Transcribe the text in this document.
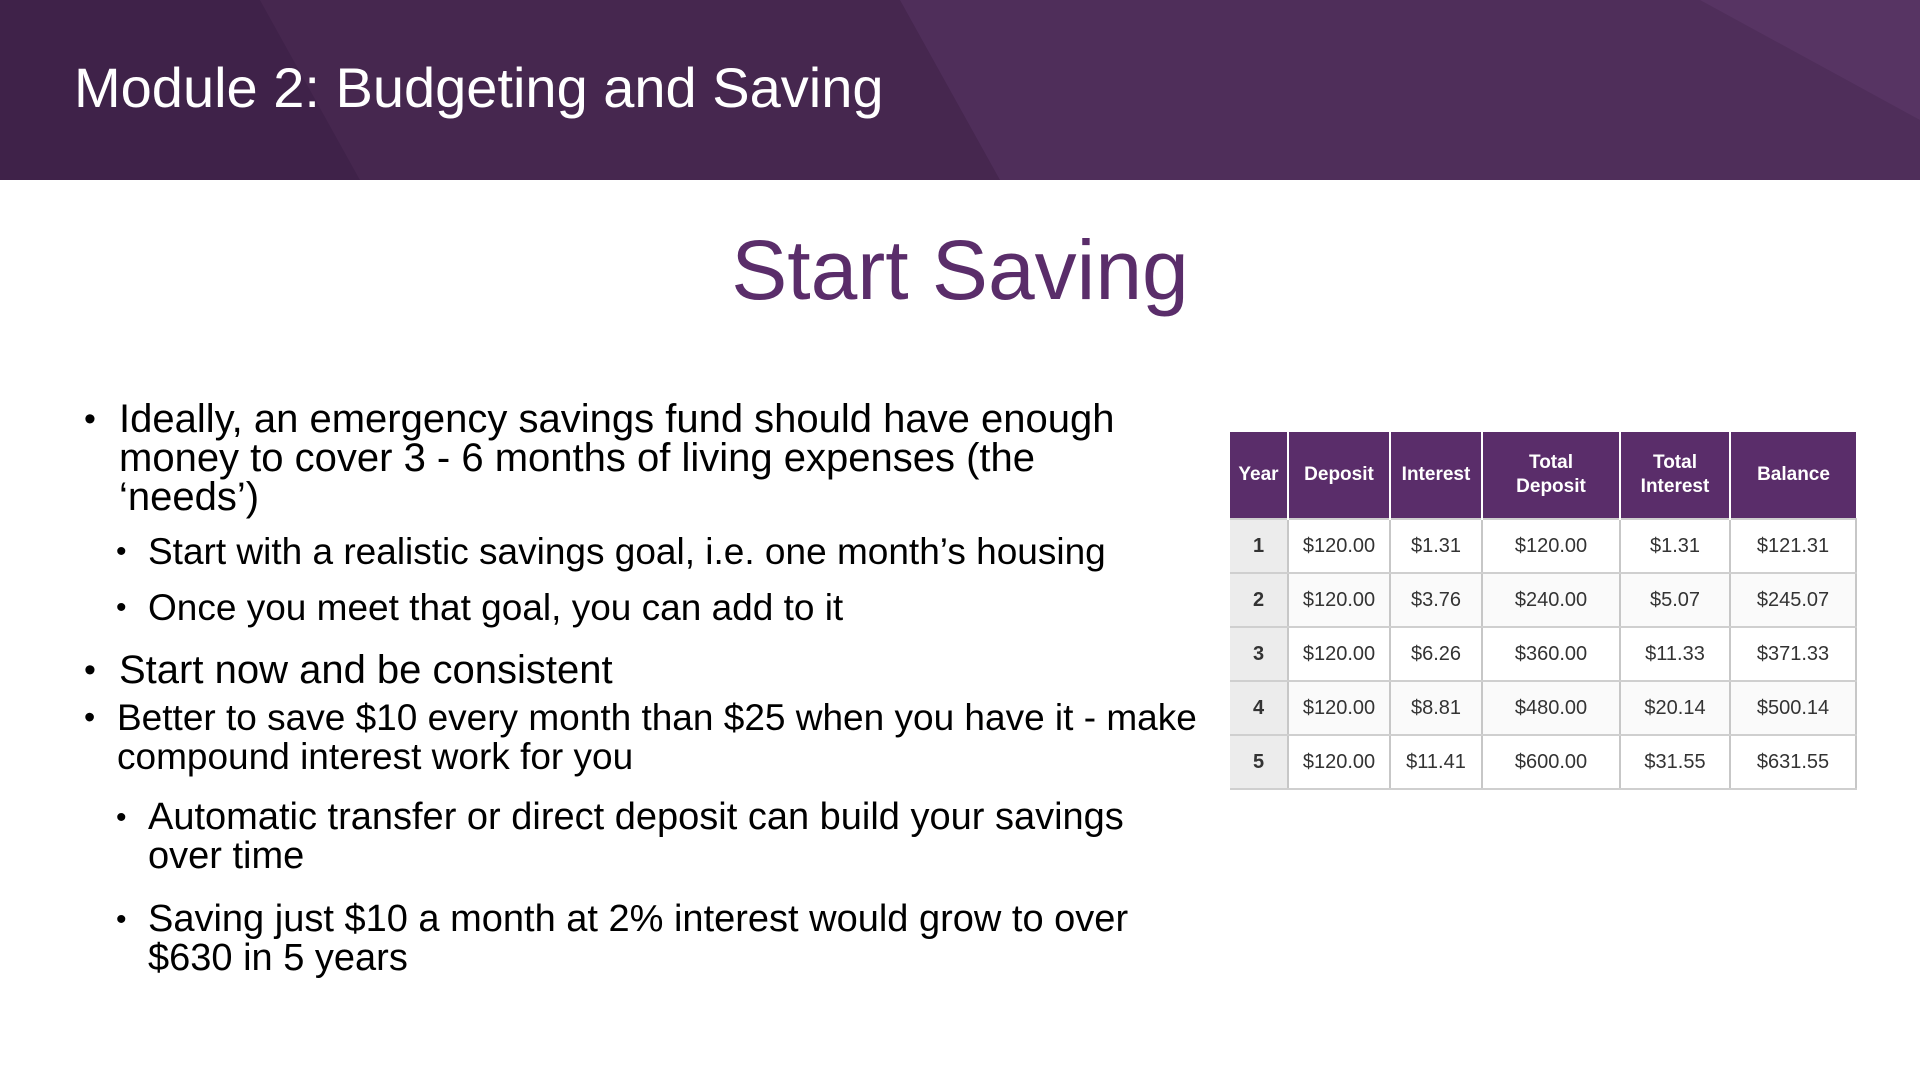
Module 2: Budgeting and Saving
Start Saving
• Ideally, an emergency savings fund should have enough money to cover 3 - 6 months of living expenses (the ‘needs’)
• Start with a realistic savings goal, i.e. one month’s housing
• Once you meet that goal, you can add to it
• Start now and be consistent
• Better to save $10 every month than $25 when you have it - make compound interest work for you
• Automatic transfer or direct deposit can build your savings over time
• Saving just $10 a month at 2% interest would grow to over $630 in 5 years
Year	Deposit	Interest	Total Deposit	Total Interest	Balance
1	$120.00	$1.31	$120.00	$1.31	$121.31
2	$120.00	$3.76	$240.00	$5.07	$245.07
3	$120.00	$6.26	$360.00	$11.33	$371.33
4	$120.00	$8.81	$480.00	$20.14	$500.14
5	$120.00	$11.41	$600.00	$31.55	$631.55
